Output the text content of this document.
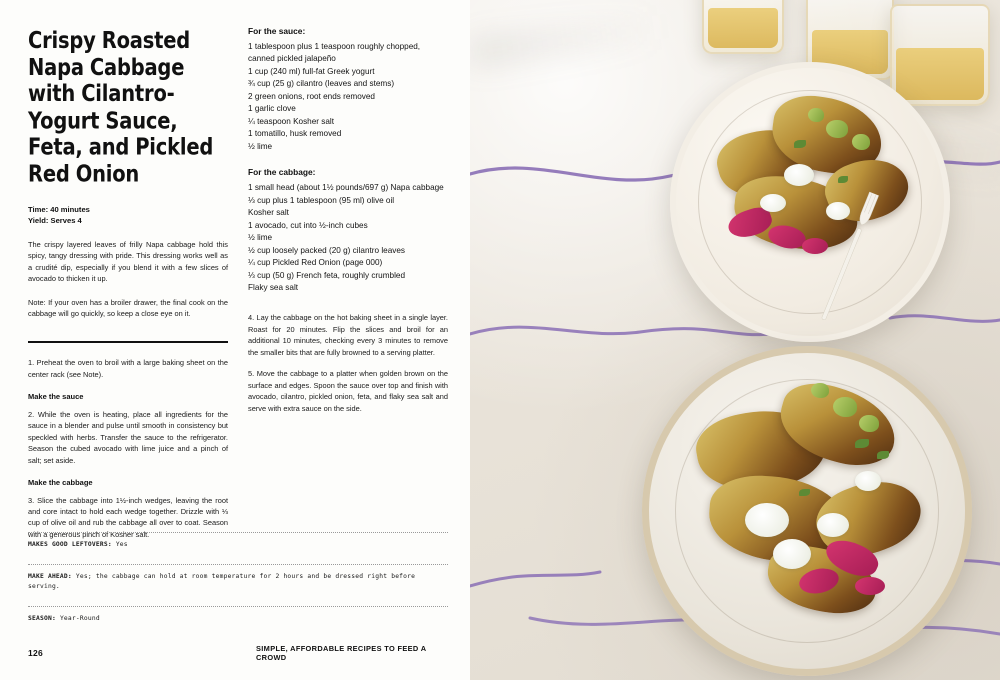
Crispy Roasted Napa Cabbage with Cilantro-Yogurt Sauce, Feta, and Pickled Red Onion
Time: 40 minutes
Yield: Serves 4

The crispy layered leaves of frilly Napa cabbage hold this spicy, tangy dressing with pride. This dressing works well as a crudité dip, especially if you blend it with a few slices of avocado to thicken it up.

Note: If your oven has a broiler drawer, the final cook on the cabbage will go quickly, so keep a close eye on it.

1. Preheat the oven to broil with a large baking sheet on the center rack (see Note).

Make the sauce

2. While the oven is heating, place all ingredients for the sauce in a blender and pulse until smooth in consistency but speckled with herbs. Transfer the sauce to the refrigerator. Season the cubed avocado with lime juice and a pinch of salt; set aside.

Make the cabbage

3. Slice the cabbage into 1½-inch wedges, leaving the root and core intact to hold each wedge together. Drizzle with ⅓ cup of olive oil and rub the cabbage all over to coat. Season with a generous pinch of Kosher salt.

For the sauce:
1 tablespoon plus 1 teaspoon roughly chopped, canned pickled jalapeño
1 cup (240 ml) full-fat Greek yogurt
¾ cup (25 g) cilantro (leaves and stems)
2 green onions, root ends removed
1 garlic clove
¼ teaspoon Kosher salt
1 tomatillo, husk removed
½ lime
For the cabbage:
1 small head (about 1½ pounds/697 g) Napa cabbage
⅓ cup plus 1 tablespoon (95 ml) olive oil
Kosher salt
1 avocado, cut into ½-inch cubes
½ lime
½ cup loosely packed (20 g) cilantro leaves
¼ cup Pickled Red Onion (page 000)
⅓ cup (50 g) French feta, roughly crumbled
Flaky sea salt

4. Lay the cabbage on the hot baking sheet in a single layer. Roast for 20 minutes. Flip the slices and broil for an additional 10 minutes, checking every 3 minutes to remove the smaller bits that are fully browned to a serving platter.

5. Move the cabbage to a platter when golden brown on the surface and edges. Spoon the sauce over top and finish with avocado, cilantro, pickled onion, feta, and flaky sea salt and serve with extra sauce on the side.

MAKES GOOD LEFTOVERS: Yes
MAKE AHEAD: Yes; the cabbage can hold at room temperature for 2 hours and be dressed right before serving.
SEASON: Year-Round
126	SIMPLE, AFFORDABLE RECIPES TO FEED A CROWD
